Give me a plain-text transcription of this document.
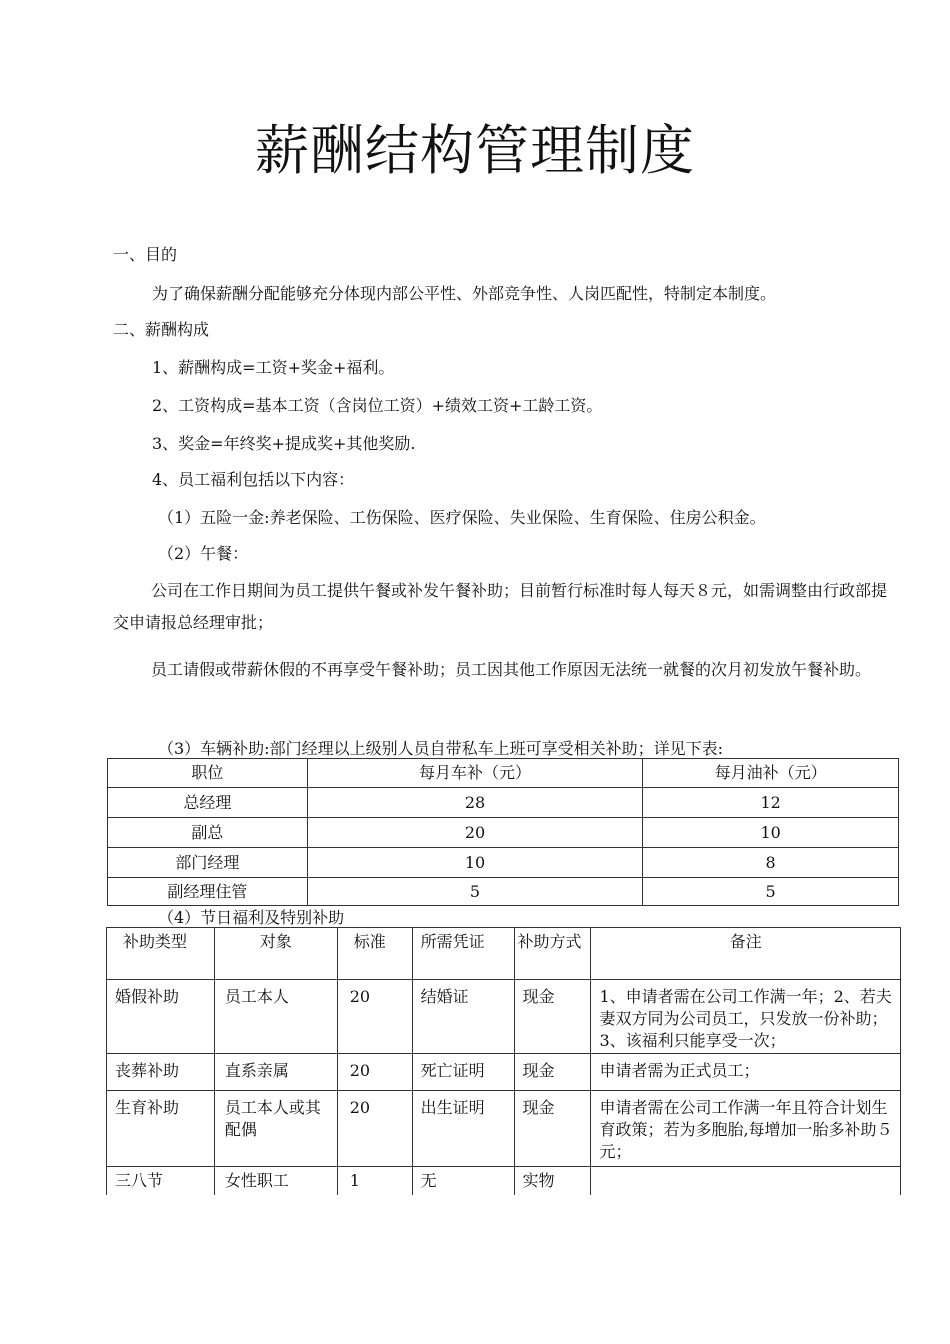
薪酬结构管理制度
一、目的
为了确保薪酬分配能够充分体现内部公平性、外部竞争性、人岗匹配性，特制定本制度。
二、薪酬构成
1、薪酬构成=工资+奖金+福利。
2、工资构成=基本工资（含岗位工资）+绩效工资+工龄工资。
3、奖金=年终奖+提成奖+其他奖励.
4、员工福利包括以下内容：
（1）五险一金:养老保险、工伤保险、医疗保险、失业保险、生育保险、住房公积金。
（2）午餐：
公司在工作日期间为员工提供午餐或补发午餐补助；目前暂行标准时每人每天８元，如需调整由行政部提交申请报总经理审批；
员工请假或带薪休假的不再享受午餐补助；员工因其他工作原因无法统一就餐的次月初发放午餐补助。
（3）车辆补助:部门经理以上级别人员自带私车上班可享受相关补助；详见下表:
职位	每月车补（元）	每月油补（元）
总经理	28	12
副总	20	10
部门经理	10	8
副经理住管	5	5
（4）节日福利及特别补助
补助类型	对象	标准	所需凭证	补助方式	备注
婚假补助	员工本人	20	结婚证	现金	1、申请者需在公司工作满一年；2、若夫妻双方同为公司员工，只发放一份补助；3、该福利只能享受一次；
丧葬补助	直系亲属	20	死亡证明	现金	申请者需为正式员工；
生育补助	员工本人或其配偶	20	出生证明	现金	申请者需在公司工作满一年且符合计划生育政策；若为多胞胎,每增加一胎多补助５元；
三八节	女性职工	1	无	实物	
